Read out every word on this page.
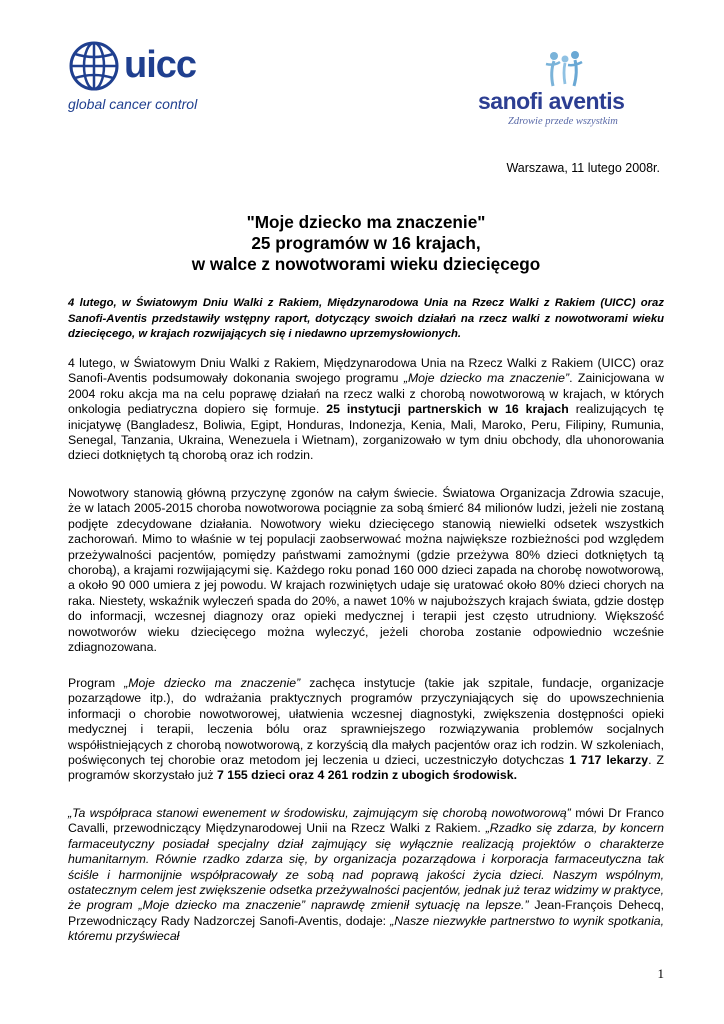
uicc
global cancer control	sanofi aventis
Zdrowie przede wszystkim
Warszawa, 11 lutego 2008r.
"Moje dziecko ma znaczenie"
25 programów w 16 krajach,
w walce z nowotworami wieku dziecięcego
4 lutego, w Światowym Dniu Walki z Rakiem, Międzynarodowa Unia na Rzecz Walki z Rakiem (UICC) oraz Sanofi-Aventis przedstawiły wstępny raport, dotyczący swoich działań na rzecz walki z nowotworami wieku dziecięcego, w krajach rozwijających się i niedawno uprzemysłowionych.
4 lutego, w Światowym Dniu Walki z Rakiem, Międzynarodowa Unia na Rzecz Walki z Rakiem (UICC) oraz Sanofi-Aventis podsumowały dokonania swojego programu „Moje dziecko ma znaczenie”. Zainicjowana w 2004 roku akcja ma na celu poprawę działań na rzecz walki z chorobą nowotworową w krajach, w których onkologia pediatryczna dopiero się formuje. 25 instytucji partnerskich w 16 krajach realizujących tę inicjatywę (Bangladesz, Boliwia, Egipt, Honduras, Indonezja, Kenia, Mali, Maroko, Peru, Filipiny, Rumunia, Senegal, Tanzania, Ukraina, Wenezuela i Wietnam), zorganizowało w tym dniu obchody, dla uhonorowania dzieci dotkniętych tą chorobą oraz ich rodzin.
Nowotwory stanowią główną przyczynę zgonów na całym świecie. Światowa Organizacja Zdrowia szacuje, że w latach 2005-2015 choroba nowotworowa pociągnie za sobą śmierć 84 milionów ludzi, jeżeli nie zostaną podjęte zdecydowane działania. Nowotwory wieku dziecięcego stanowią niewielki odsetek wszystkich zachorowań. Mimo to właśnie w tej populacji zaobserwować można największe rozbieżności pod względem przeżywalności pacjentów, pomiędzy państwami zamożnymi (gdzie przeżywa 80% dzieci dotkniętych tą chorobą), a krajami rozwijającymi się. Każdego roku ponad 160 000 dzieci zapada na chorobę nowotworową, a około 90 000 umiera z jej powodu. W krajach rozwiniętych udaje się uratować około 80% dzieci chorych na raka. Niestety, wskaźnik wyleczeń spada do 20%, a nawet 10% w najuboższych krajach świata, gdzie dostęp do informacji, wczesnej diagnozy oraz opieki medycznej i terapii jest często utrudniony. Większość nowotworów wieku dziecięcego można wyleczyć, jeżeli choroba zostanie odpowiednio wcześnie zdiagnozowana.
Program „Moje dziecko ma znaczenie” zachęca instytucje (takie jak szpitale, fundacje, organizacje pozarządowe itp.), do wdrażania praktycznych programów przyczyniających się do upowszechnienia informacji o chorobie nowotworowej, ułatwienia wczesnej diagnostyki, zwiększenia dostępności opieki medycznej i terapii, leczenia bólu oraz sprawniejszego rozwiązywania problemów socjalnych współistniejących z chorobą nowotworową, z korzyścią dla małych pacjentów oraz ich rodzin. W szkoleniach, poświęconych tej chorobie oraz metodom jej leczenia u dzieci, uczestniczyło dotychczas 1 717 lekarzy. Z programów skorzystało już 7 155 dzieci oraz 4 261 rodzin z ubogich środowisk.
„Ta współpraca stanowi ewenement w środowisku, zajmującym się chorobą nowotworową” mówi Dr Franco Cavalli, przewodniczący Międzynarodowej Unii na Rzecz Walki z Rakiem. „Rzadko się zdarza, by koncern farmaceutyczny posiadał specjalny dział zajmujący się wyłącznie realizacją projektów o charakterze humanitarnym. Równie rzadko zdarza się, by organizacja pozarządowa i korporacja farmaceutyczna tak ściśle i harmonijnie współpracowały ze sobą nad poprawą jakości życia dzieci. Naszym wspólnym, ostatecznym celem jest zwiększenie odsetka przeżywalności pacjentów, jednak już teraz widzimy w praktyce, że program „Moje dziecko ma znaczenie” naprawdę zmienił sytuację na lepsze.” Jean-François Dehecq, Przewodniczący Rady Nadzorczej Sanofi-Aventis, dodaje: „Nasze niezwykłe partnerstwo to wynik spotkania, któremu przyświecał
1
